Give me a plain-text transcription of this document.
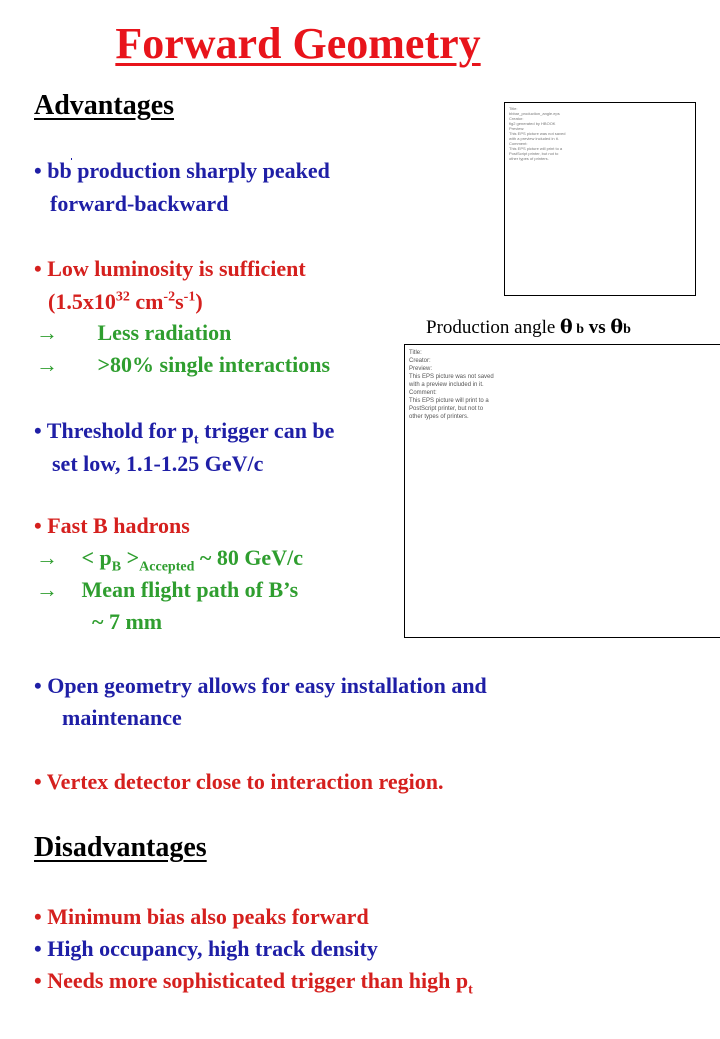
Forward Geometry
Advantages
• bb production sharply peaked
forward-backward
• Low luminosity is sufficient
($1.5x10^{32}$ $cm^{-2}s^{-1}$)
→ Less radiation
→ >80% single interactions
• Threshold for $p_t$ trigger can be
set low, 1.1-1.25 GeV/c
• Fast B hadrons
→ < $p_B >_{Accepted}$ ~ 80 GeV/c
→ Mean flight path of B’s
~ 7 mm
• Open geometry allows for easy installation and
maintenance
• Vertex detector close to interaction region.
Disadvantages
• Minimum bias also peaks forward
• High occupancy, high track density
• Needs more sophisticated trigger than high $p_t$
Title:
bbbar_production_angle.eps
Creator:
fig2 generated by HBOOK
Preview:
This EPS picture was not saved
with a preview included in it.
Comment:
This EPS picture will print to a
PostScript printer, but not to
other types of printers.
Production angle θ b vs θb
Title:
Creator:
Preview:
This EPS picture was not saved
with a preview included in it.
Comment:
This EPS picture will print to a
PostScript printer, but not to
other types of printers.
